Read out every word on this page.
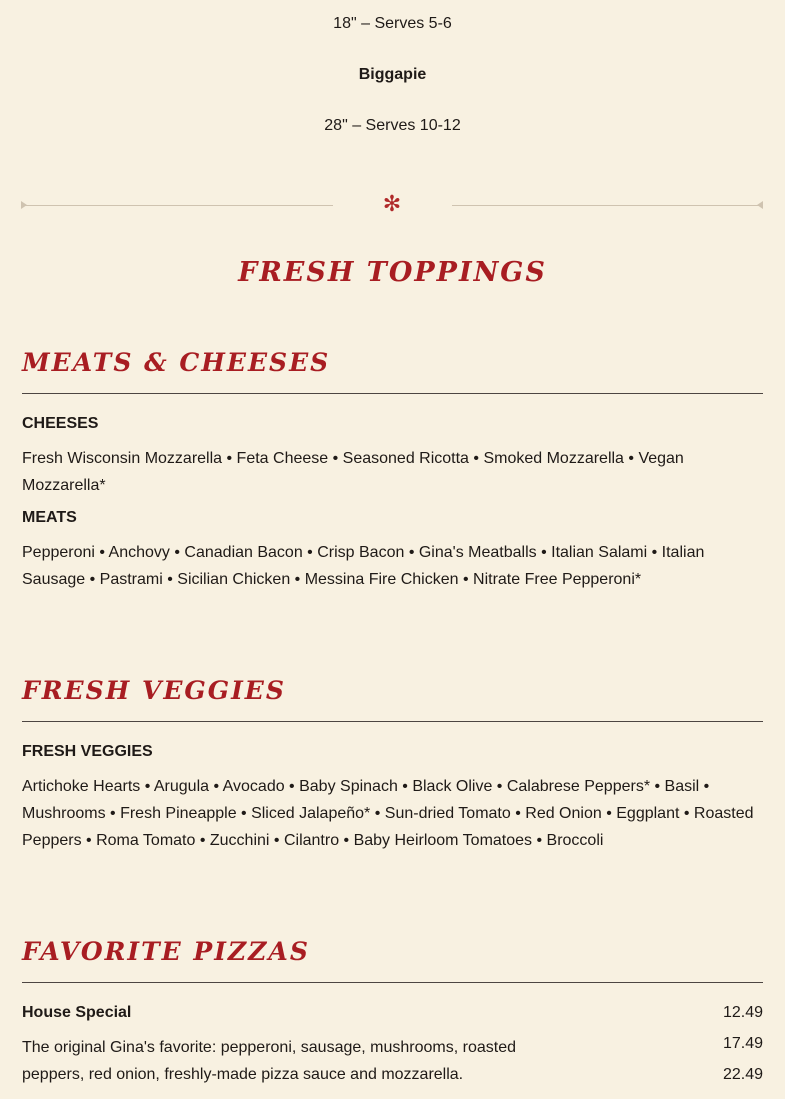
18" – Serves 5-6
Biggapie
28" – Serves 10-12
✻
FRESH TOPPINGS
MEATS & CHEESES
CHEESES
Fresh Wisconsin Mozzarella • Feta Cheese • Seasoned Ricotta • Smoked Mozzarella • Vegan Mozzarella*
MEATS
Pepperoni • Anchovy • Canadian Bacon • Crisp Bacon • Gina's Meatballs • Italian Salami • Italian Sausage • Pastrami • Sicilian Chicken • Messina Fire Chicken • Nitrate Free Pepperoni*
FRESH VEGGIES
FRESH VEGGIES
Artichoke Hearts • Arugula • Avocado • Baby Spinach • Black Olive • Calabrese Peppers* • Basil • Mushrooms • Fresh Pineapple • Sliced Jalapeño* • Sun-dried Tomato • Red Onion • Eggplant • Roasted Peppers • Roma Tomato • Zucchini • Cilantro • Baby Heirloom Tomatoes • Broccoli
FAVORITE PIZZAS
House Special
The original Gina's favorite: pepperoni, sausage, mushrooms, roasted peppers, red onion, freshly-made pizza sauce and mozzarella.
12.49
17.49
22.49
